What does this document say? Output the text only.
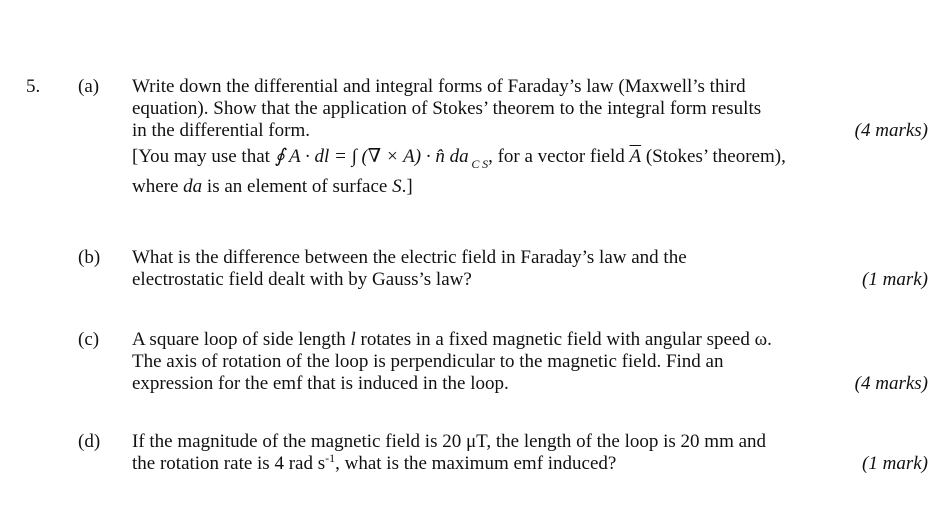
5. (a) Write down the differential and integral forms of Faraday’s law (Maxwell’s third
equation). Show that the application of Stokes’ theorem to the integral form results
in the differential form.	(4 marks)
[You may use that ∮ A · dl = ∫ (∇ × A) · n̂ da $_C$ $_S$, for a vector field $\overline{A}$ (Stokes’ theorem),
where da is an element of surface S.]
(b) What is the difference between the electric field in Faraday’s law and the
electrostatic field dealt with by Gauss’s law?	(1 mark)
(c) A square loop of side length l rotates in a fixed magnetic field with angular speed ω.
The axis of rotation of the loop is perpendicular to the magnetic field. Find an
expression for the emf that is induced in the loop.	(4 marks)
(d) If the magnitude of the magnetic field is 20 μT, the length of the loop is 20 mm and
the rotation rate is 4 rad $s^{-1}$, what is the maximum emf induced?	(1 mark)
